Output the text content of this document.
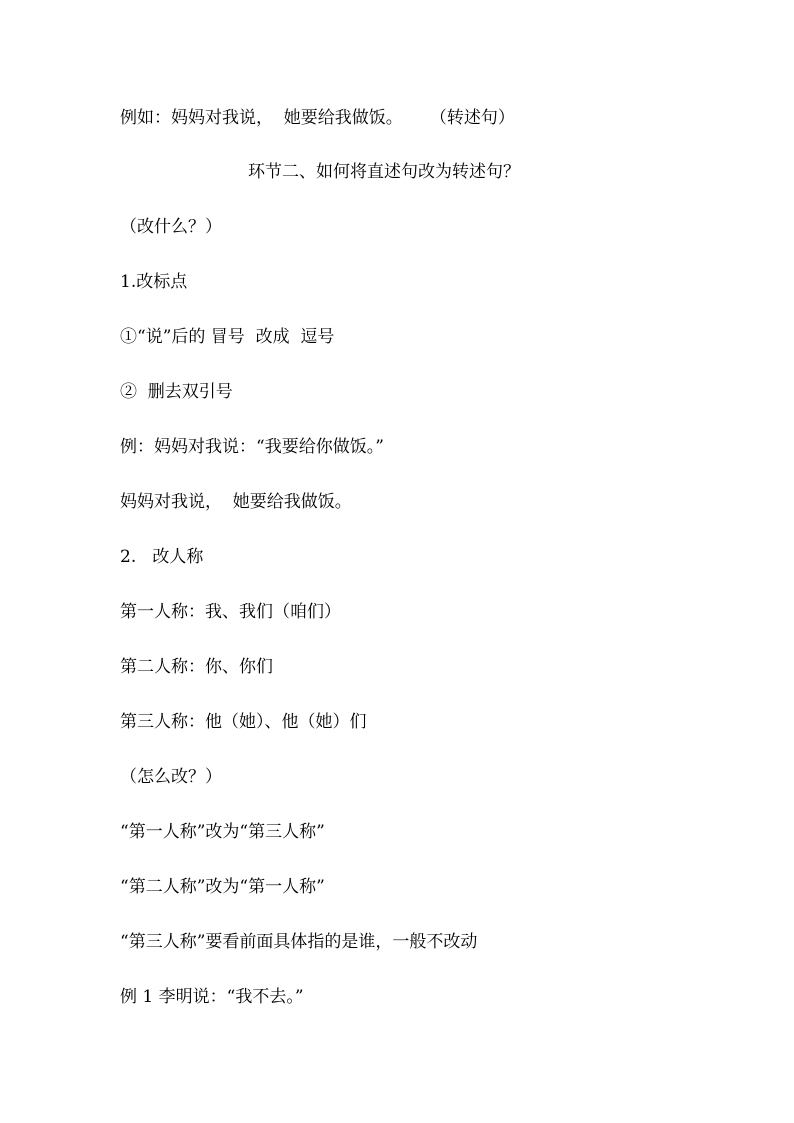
例如：妈妈对我说，  她要给我做饭。     （转述句）

环节二、如何将直述句改为转述句？

（改什么？）

1.改标点

①“说”后的 冒号  改成  逗号

②  删去双引号

例：妈妈对我说：“我要给你做饭。”

妈妈对我说，  她要给我做饭。

2.   改人称

第一人称：我、我们（咱们）

第二人称：你、你们

第三人称：他（她）、他（她）们

（怎么改？）

“第一人称”改为“第三人称”

“第二人称”改为“第一人称”

“第三人称”要看前面具体指的是谁，一般不改动

例 1 李明说：“我不去。”
